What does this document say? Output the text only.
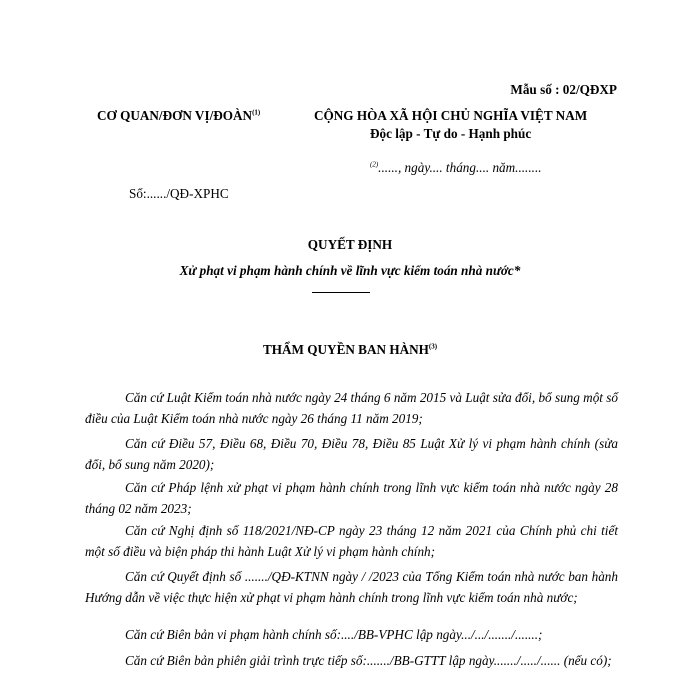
Mẫu số : 02/QĐXP
CƠ QUAN/ĐƠN VỊ/ĐOÀN$^{(1)}$	CỘNG HÒA XÃ HỘI CHỦ NGHĨA VIỆT NAM
Độc lập - Tự do - Hạnh phúc
$^{(2)}$......, ngày.... tháng.... năm........
Số:....../QĐ-XPHC
QUYẾT ĐỊNH
Xử phạt vi phạm hành chính về lĩnh vực kiểm toán nhà nước*
THẨM QUYỀN BAN HÀNH$^{(3)}$
Căn cứ Luật Kiểm toán nhà nước ngày 24 tháng 6 năm 2015 và Luật sửa đổi, bổ sung một số điều của Luật Kiểm toán nhà nước ngày 26 tháng 11 năm 2019;
Căn cứ Điều 57, Điều 68, Điều 70, Điều 78, Điều 85 Luật Xử lý vi phạm hành chính (sửa đổi, bổ sung năm 2020);
Căn cứ Pháp lệnh xử phạt vi phạm hành chính trong lĩnh vực kiểm toán nhà nước ngày 28 tháng 02 năm 2023;
Căn cứ Nghị định số 118/2021/NĐ-CP ngày 23 tháng 12 năm 2021 của Chính phủ chi tiết một số điều và biện pháp thi hành Luật Xử lý vi phạm hành chính;
Căn cứ Quyết định số ......./QĐ-KTNN ngày / /2023 của Tổng Kiểm toán nhà nước ban hành Hướng dẫn về việc thực hiện xử phạt vi phạm hành chính trong lĩnh vực kiểm toán nhà nước;
Căn cứ Biên bản vi phạm hành chính số:..../BB-VPHC lập ngày.../.../......./.......;
Căn cứ Biên bản phiên giải trình trực tiếp số:......./BB-GTTT lập ngày......./...../...... (nếu có);
